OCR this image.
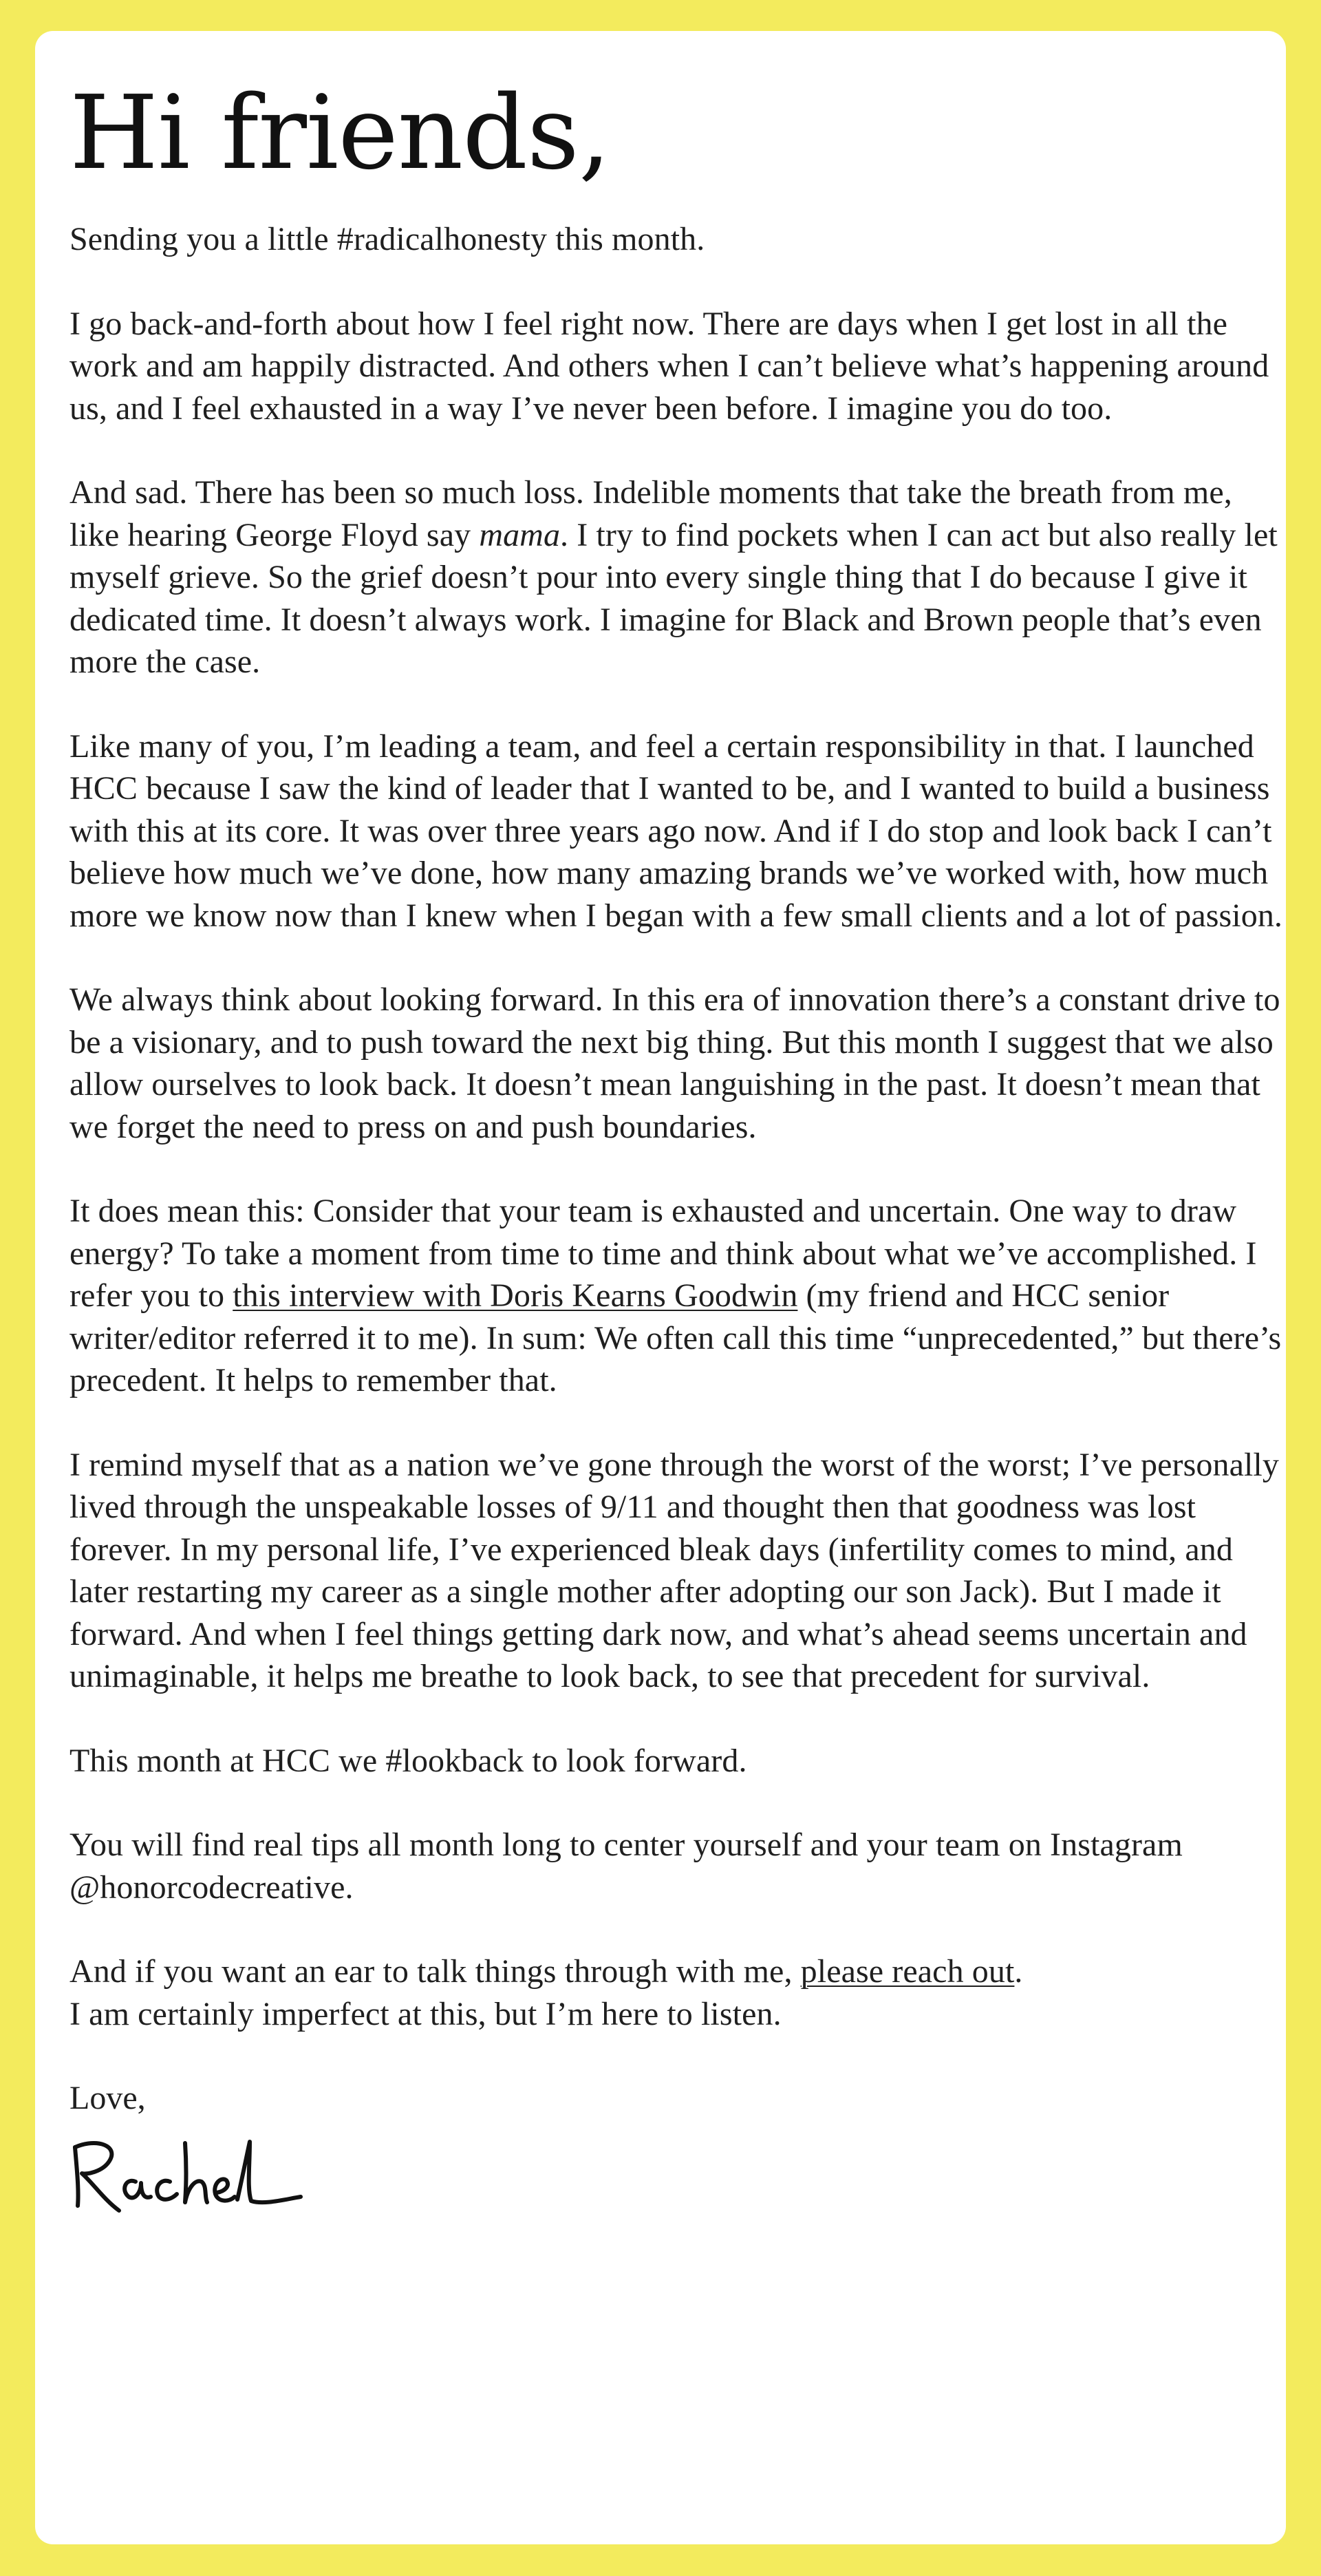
Hi friends,

Sending you a little #radicalhonesty this month.

I go back-and-forth about how I feel right now. There are days when I get lost in all the work and am happily distracted. And others when I can’t believe what’s happening around us, and I feel exhausted in a way I’ve never been before. I imagine you do too.

And sad. There has been so much loss. Indelible moments that take the breath from me, like hearing George Floyd say mama. I try to find pockets when I can act but also really let myself grieve. So the grief doesn’t pour into every single thing that I do because I give it dedicated time. It doesn’t always work. I imagine for Black and Brown people that’s even more the case.

Like many of you, I’m leading a team, and feel a certain responsibility in that. I launched HCC because I saw the kind of leader that I wanted to be, and I wanted to build a business with this at its core. It was over three years ago now. And if I do stop and look back I can’t believe how much we’ve done, how many amazing brands we’ve worked with, how much more we know now than I knew when I began with a few small clients and a lot of passion.

We always think about looking forward. In this era of innovation there’s a constant drive to be a visionary, and to push toward the next big thing. But this month I suggest that we also allow ourselves to look back. It doesn’t mean languishing in the past. It doesn’t mean that we forget the need to press on and push boundaries.

It does mean this: Consider that your team is exhausted and uncertain. One way to draw energy? To take a moment from time to time and think about what we’ve accomplished. I refer you to this interview with Doris Kearns Goodwin (my friend and HCC senior writer/editor referred it to me). In sum: We often call this time “unprecedented,” but there’s precedent. It helps to remember that.

I remind myself that as a nation we’ve gone through the worst of the worst; I’ve personally lived through the unspeakable losses of 9/11 and thought then that goodness was lost forever. In my personal life, I’ve experienced bleak days (infertility comes to mind, and later restarting my career as a single mother after adopting our son Jack). But I made it forward. And when I feel things getting dark now, and what’s ahead seems uncertain and unimaginable, it helps me breathe to look back, to see that precedent for survival.

This month at HCC we #lookback to look forward.

You will find real tips all month long to center yourself and your team on Instagram @honorcodecreative.

And if you want an ear to talk things through with me, please reach out.
I am certainly imperfect at this, but I’m here to listen.

Love,
